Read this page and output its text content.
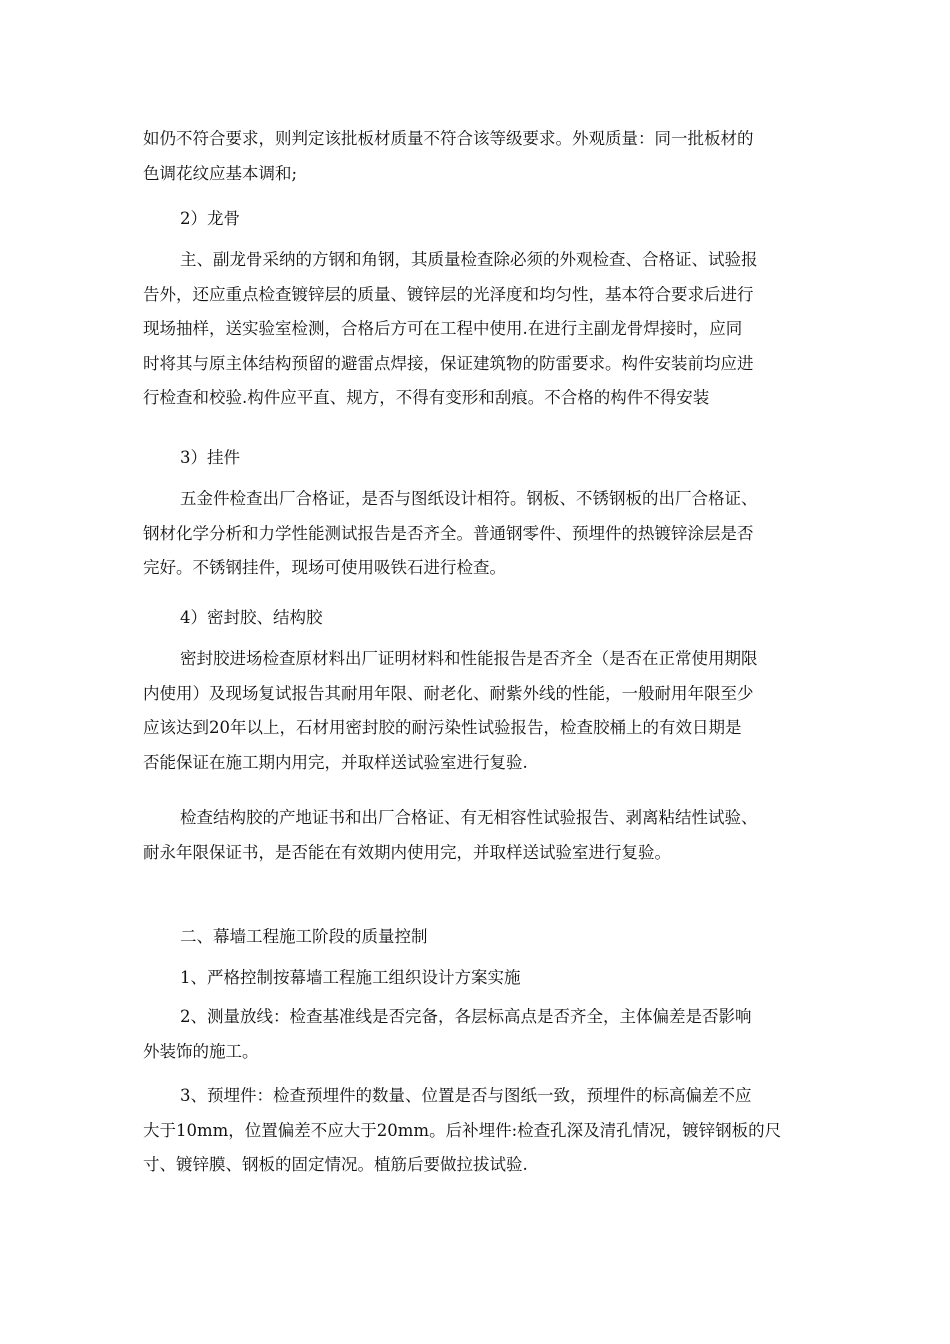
如仍不符合要求，则判定该批板材质量不符合该等级要求。外观质量：同一批板材的
色调花纹应基本调和;
2）龙骨
主、副龙骨采纳的方钢和角钢，其质量检查除必须的外观检查、合格证、试验报
告外，还应重点检查镀锌层的质量、镀锌层的光泽度和均匀性，基本符合要求后进行
现场抽样，送实验室检测，合格后方可在工程中使用.在进行主副龙骨焊接时，应同
时将其与原主体结构预留的避雷点焊接，保证建筑物的防雷要求。构件安装前均应进
行检查和校验.构件应平直、规方，不得有变形和刮痕。不合格的构件不得安装
3）挂件
五金件检查出厂合格证，是否与图纸设计相符。钢板、不锈钢板的出厂合格证、
钢材化学分析和力学性能测试报告是否齐全。普通钢零件、预埋件的热镀锌涂层是否
完好。不锈钢挂件，现场可使用吸铁石进行检查。
4）密封胶、结构胶
密封胶进场检查原材料出厂证明材料和性能报告是否齐全（是否在正常使用期限
内使用）及现场复试报告其耐用年限、耐老化、耐紫外线的性能，一般耐用年限至少
应该达到20年以上，石材用密封胶的耐污染性试验报告，检查胶桶上的有效日期是
否能保证在施工期内用完，并取样送试验室进行复验.
检查结构胶的产地证书和出厂合格证、有无相容性试验报告、剥离粘结性试验、
耐永年限保证书，是否能在有效期内使用完，并取样送试验室进行复验。
二、幕墙工程施工阶段的质量控制
1、严格控制按幕墙工程施工组织设计方案实施
2、测量放线：检查基准线是否完备，各层标高点是否齐全，主体偏差是否影响
外装饰的施工。
3、预埋件：检查预埋件的数量、位置是否与图纸一致，预埋件的标高偏差不应
大于10mm，位置偏差不应大于20mm。后补埋件:检查孔深及清孔情况，镀锌钢板的尺
寸、镀锌膜、钢板的固定情况。植筋后要做拉拔试验.
